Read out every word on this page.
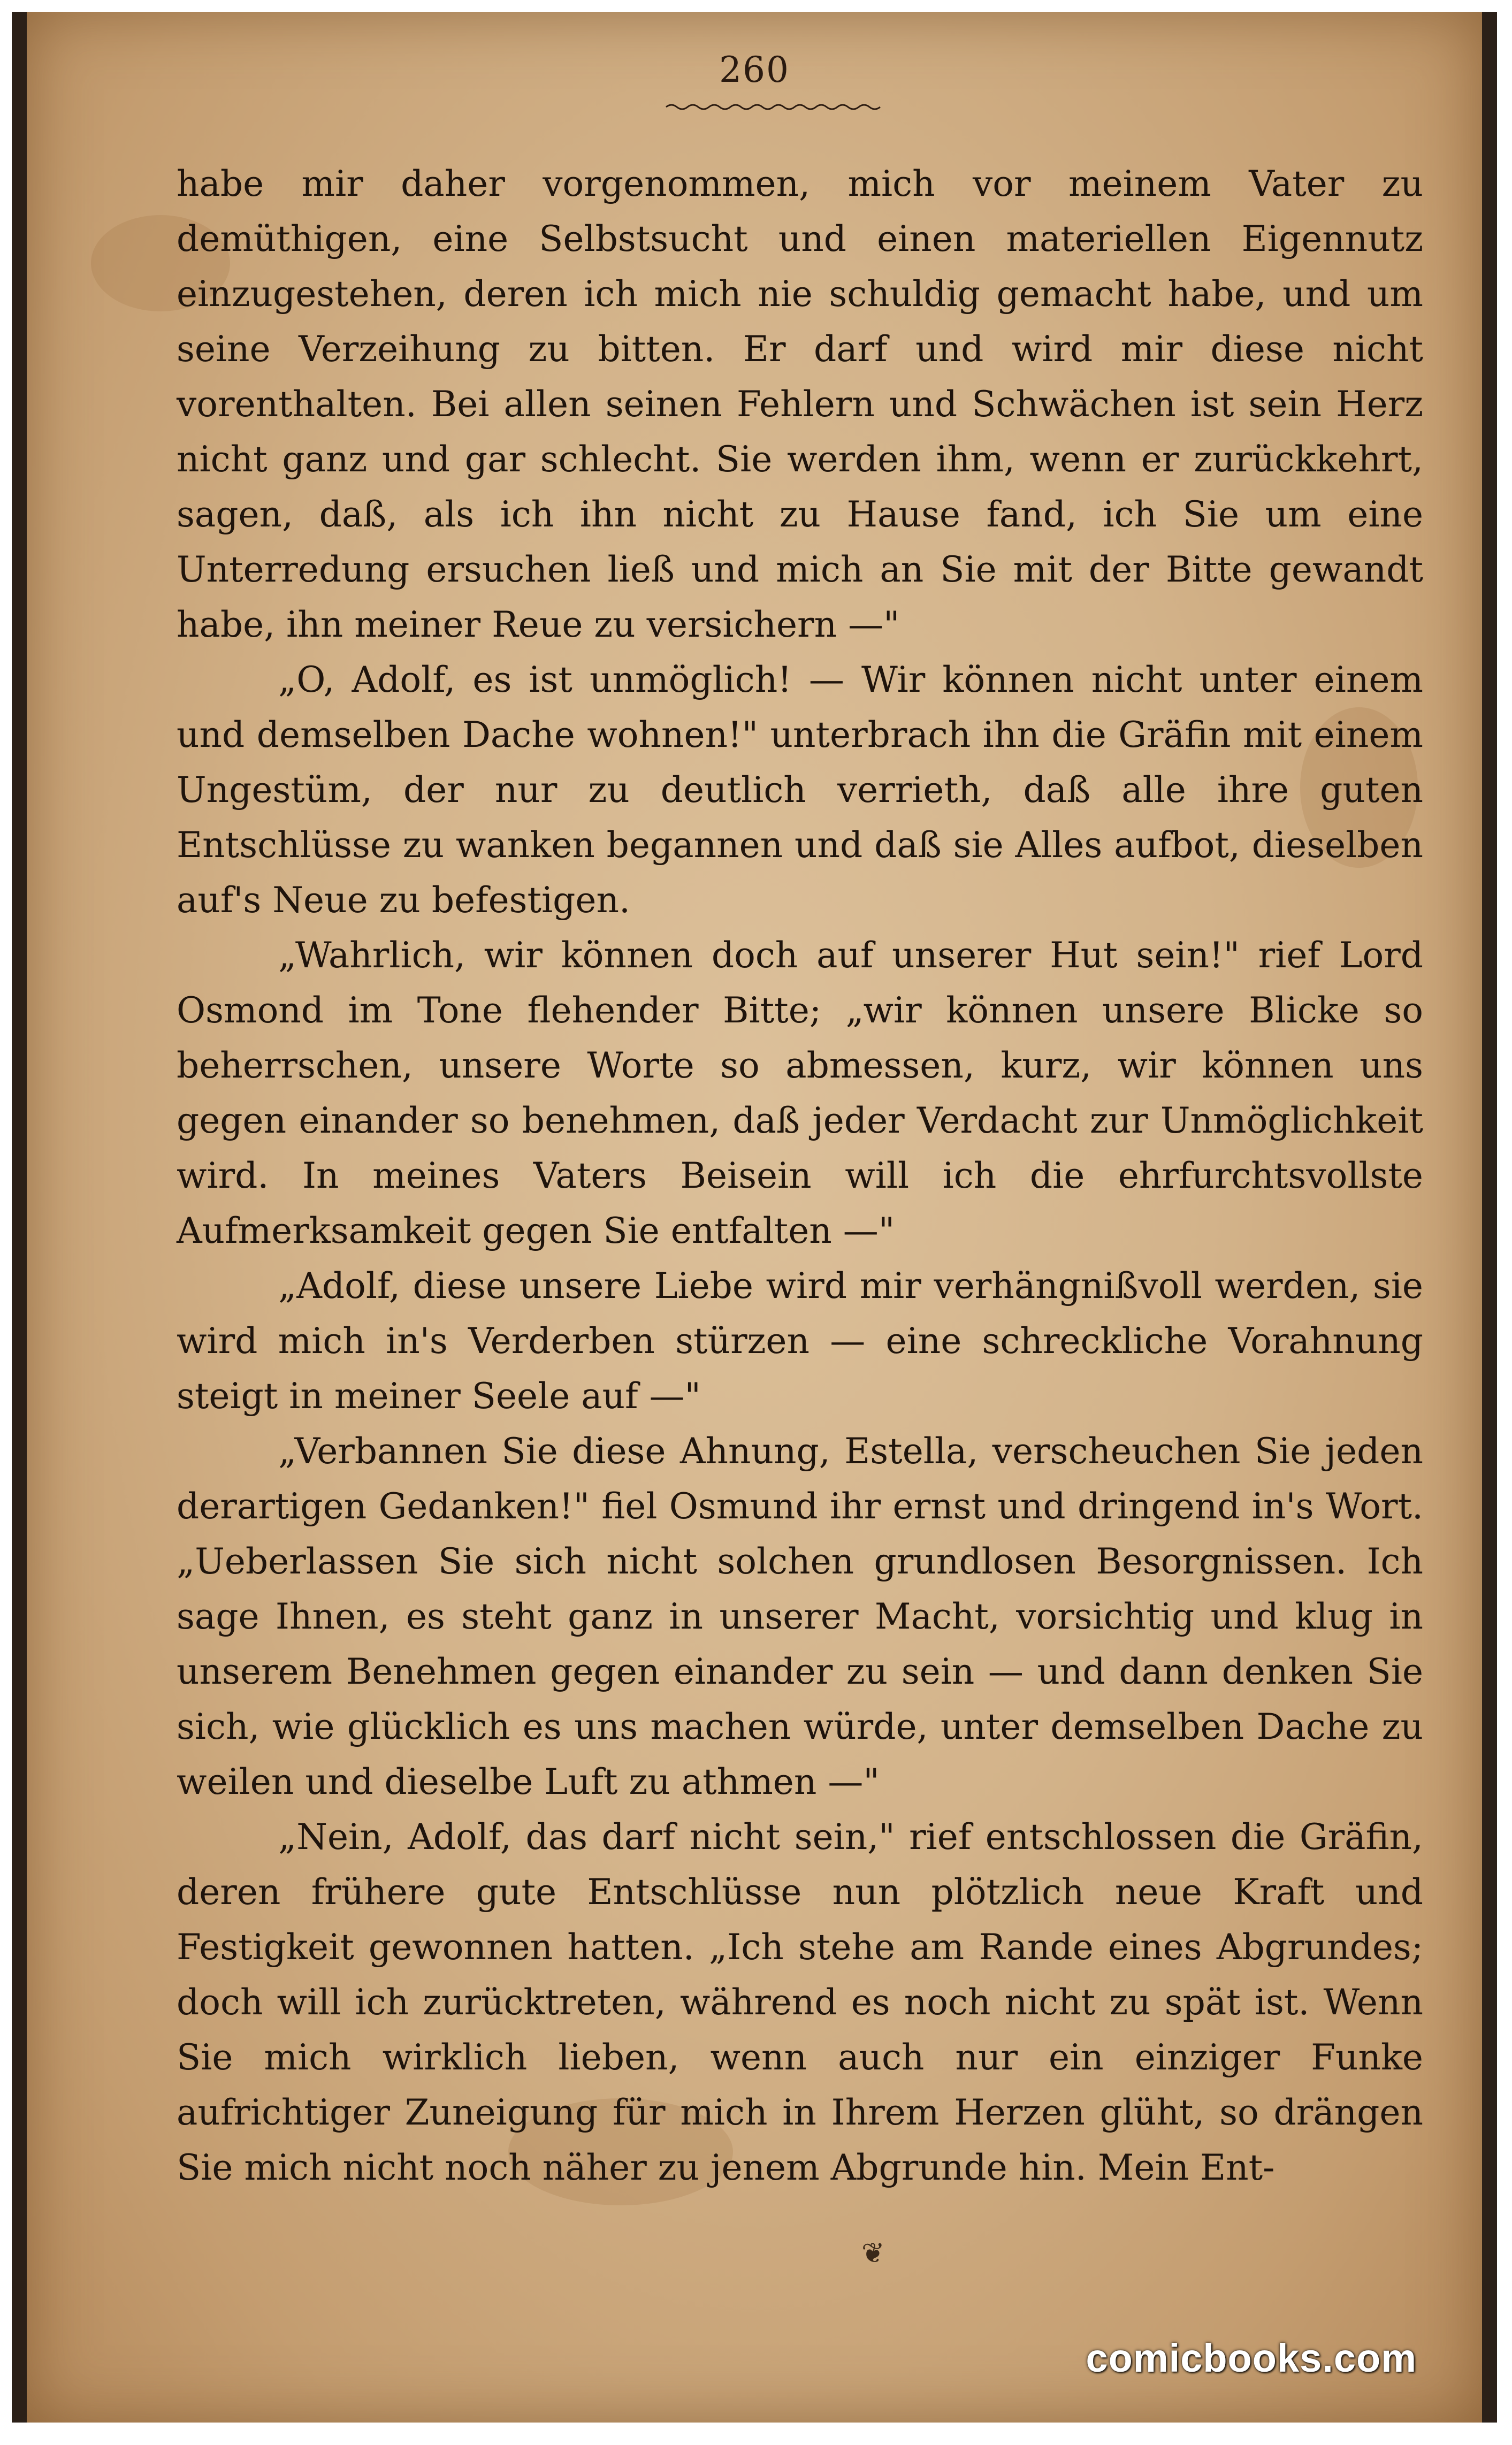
260

habe mir daher vorgenommen, mich vor meinem Vater zu demüthigen, eine Selbstsucht und einen materiellen Eigennutz einzugestehen, deren ich mich nie schuldig gemacht habe, und um seine Verzeihung zu bitten. Er darf und wird mir diese nicht vorenthalten. Bei allen seinen Fehlern und Schwächen ist sein Herz nicht ganz und gar schlecht. Sie werden ihm, wenn er zurückkehrt, sagen, daß, als ich ihn nicht zu Hause fand, ich Sie um eine Unterredung ersuchen ließ und mich an Sie mit der Bitte gewandt habe, ihn meiner Reue zu versichern —"

„O, Adolf, es ist unmöglich! — Wir können nicht unter einem und demselben Dache wohnen!" unterbrach ihn die Gräfin mit einem Ungestüm, der nur zu deutlich verrieth, daß alle ihre guten Entschlüsse zu wanken begannen und daß sie Alles aufbot, dieselben auf's Neue zu befestigen.

„Wahrlich, wir können doch auf unserer Hut sein!" rief Lord Osmond im Tone flehender Bitte; „wir können unsere Blicke so beherrschen, unsere Worte so abmessen, kurz, wir können uns gegen einander so benehmen, daß jeder Verdacht zur Unmöglichkeit wird. In meines Vaters Beisein will ich die ehrfurchtsvollste Aufmerksamkeit gegen Sie entfalten —"

„Adolf, diese unsere Liebe wird mir verhängnißvoll werden, sie wird mich in's Verderben stürzen — eine schreckliche Vorahnung steigt in meiner Seele auf —"

„Verbannen Sie diese Ahnung, Estella, verscheuchen Sie jeden derartigen Gedanken!" fiel Osmund ihr ernst und dringend in's Wort. „Ueberlassen Sie sich nicht solchen grundlosen Besorgnissen. Ich sage Ihnen, es steht ganz in unserer Macht, vorsichtig und klug in unserem Benehmen gegen einander zu sein — und dann denken Sie sich, wie glücklich es uns machen würde, unter demselben Dache zu weilen und dieselbe Luft zu athmen —"

„Nein, Adolf, das darf nicht sein," rief entschlossen die Gräfin, deren frühere gute Entschlüsse nun plötzlich neue Kraft und Festigkeit gewonnen hatten. „Ich stehe am Rande eines Abgrundes; doch will ich zurücktreten, während es noch nicht zu spät ist. Wenn Sie mich wirklich lieben, wenn auch nur ein einziger Funke aufrichtiger Zuneigung für mich in Ihrem Herzen glüht, so drängen Sie mich nicht noch näher zu jenem Abgrunde hin. Mein Ent-

❦
comicbooks.com
